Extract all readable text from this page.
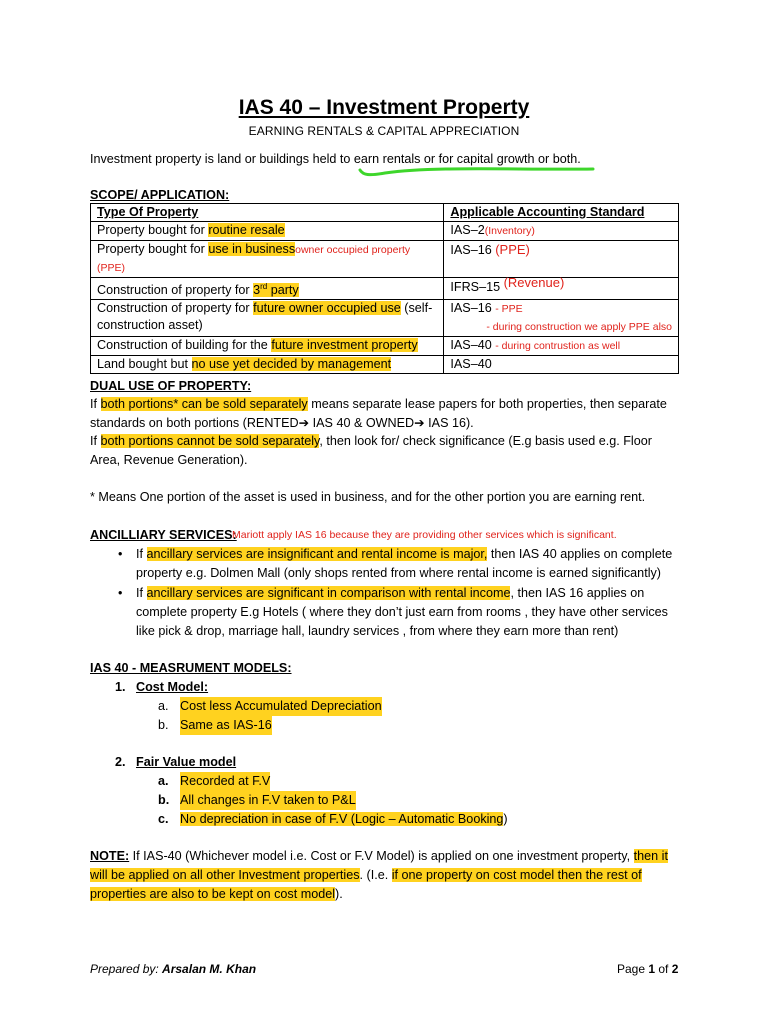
IAS 40 – Investment Property
EARNING RENTALS & CAPITAL APPRECIATION
Investment property is land or buildings held to earn rentals or for capital growth or both.
SCOPE/ APPLICATION:
Type Of Property	Applicable Accounting Standard
Property bought for routine resale	IAS–2(Inventory)
Property bought for use in businessowner occupied property (PPE)	IAS–16 (PPE)
Construction of property for 3rd party	IFRS–15 (Revenue)
Construction of property for future owner occupied use (self-construction asset)	IAS–16 - PPE
- during construction we apply PPE also
Construction of building for the future investment property	IAS–40 - during contrustion as well
Land bought but no use yet decided by management	IAS–40
DUAL USE OF PROPERTY:
If both portions* can be sold separately means separate lease papers for both properties, then separate
standards on both portions (RENTED➔ IAS 40 & OWNED➔ IAS 16).
If both portions cannot be sold separately, then look for/ check significance (E.g basis used e.g. Floor
Area, Revenue Generation).
* Means One portion of the asset is used in business, and for the other portion you are earning rent.
ANCILLIARY SERVICES:
Mariott apply IAS 16 because they are providing other services which is significant.
• If ancillary services are insignificant and rental income is major, then IAS 40 applies on complete
property e.g. Dolmen Mall (only shops rented from where rental income is earned significantly)
• If ancillary services are significant in comparison with rental income, then IAS 16 applies on
complete property E.g Hotels ( where they don’t just earn from rooms , they have other services
like pick & drop, marriage hall, laundry services , from where they earn more than rent)
IAS 40 - MEASRUMENT MODELS:
1. Cost Model:
a. Cost less Accumulated Depreciation
b. Same as IAS-16
2. Fair Value model
a. Recorded at F.V
b. All changes in F.V taken to P&L
c. No depreciation in case of F.V (Logic – Automatic Booking)
NOTE: If IAS-40 (Whichever model i.e. Cost or F.V Model) is applied on one investment property, then it
will be applied on all other Investment properties. (I.e. if one property on cost model then the rest of
properties are also to be kept on cost model).
Prepared by: Arsalan M. Khan	Page 1 of 2
